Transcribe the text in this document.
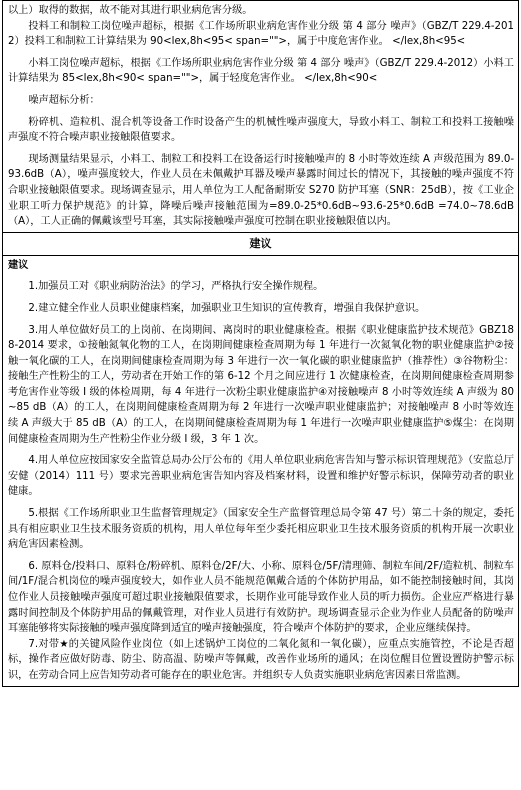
以上）取得的数据，故不能对其进行职业病危害分级。

投料工和制粒工岗位噪声超标，根据《工作场所职业病危害作业分级 第 4 部分 噪声》（GBZ/T 229.4-2012）投料工和制粒工计算结果为 90<lex,8h<95< span="">，属于中度危害作业。 </lex,8h<95<

小料工岗位噪声超标，根据《工作场所职业病危害作业分级 第 4 部分 噪声》（GBZ/T 229.4-2012）小料工计算结果为 85<lex,8h<90< span="">，属于轻度危害作业。 </lex,8h<90<

噪声超标分析：

粉碎机、造粒机、混合机等设备工作时设备产生的机械性噪声强度大，导致小料工、制粒工和投料工接触噪声强度不符合噪声职业接触限值要求。

现场测量结果显示，小料工、制粒工和投料工在设备运行时接触噪声的 8 小时等效连续 A 声级范围为 89.0-93.6dB（A），噪声强度较大，作业人员在未佩戴护耳器及噪声暴露时间过长的情况下，其接触的噪声强度不符合职业接触限值要求。现场调查显示，用人单位为工人配备耐斯安 S270 防护耳塞（SNR：25dB），按《工业企业职工听力保护规范》的计算，降噪后噪声接触范围为=89.0-25*0.6dB~93.6-25*0.6dB =74.0~78.6dB（A），工人正确的佩戴该型号耳塞，其实际接触噪声强度可控制在职业接触限值以内。

建议

建议

1.加强员工对《职业病防治法》的学习，严格执行安全操作规程。

2.建立健全作业人员职业健康档案，加强职业卫生知识的宣传教育，增强自我保护意识。

3.用人单位做好员工的上岗前、在岗期间、离岗时的职业健康检查。根据《职业健康监护技术规范》GBZ188-2014 要求，①接触氮氧化物的工人，在岗期间健康检查周期为每 1 年进行一次氮氧化物的职业健康监护②接触一氧化碳的工人，在岗期间健康检查周期为每 3 年进行一次一氧化碳的职业健康监护（推荐性）③谷物粉尘：接触生产性粉尘的工人，劳动者在开始工作的第 6-12 个月之间应进行 1 次健康检查，在岗期间健康检查周期参考危害作业等级 I 级的体检周期，每 4 年进行一次粉尘职业健康监护④对接触噪声 8 小时等效连续 A 声级为 80~85 dB（A）的工人，在岗期间健康检查周期为每 2 年进行一次噪声职业健康监护；对接触噪声 8 小时等效连续 A 声级大于 85 dB（A）的工人，在岗期间健康检查周期为每 1 年进行一次噪声职业健康监护⑤煤尘：在岗期间健康检查周期为生产性粉尘作业分级 I 级，3 年 1 次。

4.用人单位应按国家安全监管总局办公厅公布的《用人单位职业病危害告知与警示标识管理规范》（安监总厅安健（2014）111 号）要求完善职业病危害告知内容及档案材料，设置和维护好警示标识，保障劳动者的职业健康。

5.根据《工作场所职业卫生监督管理规定》（国家安全生产监督管理总局令第 47 号）第二十条的规定，委托具有相应职业卫生技术服务资质的机构，用人单位每年至少委托相应职业卫生技术服务资质的机构开展一次职业病危害因素检测。

6. 原料仓/投料口、原料仓/粉碎机、原料仓/2F/大、小称、原料仓/5F/清理筛、制粒车间/2F/造粒机、制粒车间/1F/混合机岗位的噪声强度较大，如作业人员不能规范佩戴合适的个体防护用品，如不能控制接触时间，其岗位作业人员接触噪声强度可超过职业接触限值要求，长期作业可能导致作业人员的听力损伤。企业应严格进行暴露时间控制及个体防护用品的佩戴管理，对作业人员进行有效防护。现场调查显示企业为作业人员配备的防噪声耳塞能够将实际接触的噪声强度降到适宜的噪声接触强度，符合噪声个体防护的要求，企业应继续保持。

7.对带★的关键风险作业岗位（如上述锅炉工岗位的二氧化氮和一氧化碳），应重点实施管控，不论是否超标，操作者应做好防毒、防尘、防高温、防噪声等佩戴，改善作业场所的通风；在岗位醒目位置设置防护警示标识，在劳动合同上应告知劳动者可能存在的职业危害。并组织专人负责实施职业病危害因素日常监测。
